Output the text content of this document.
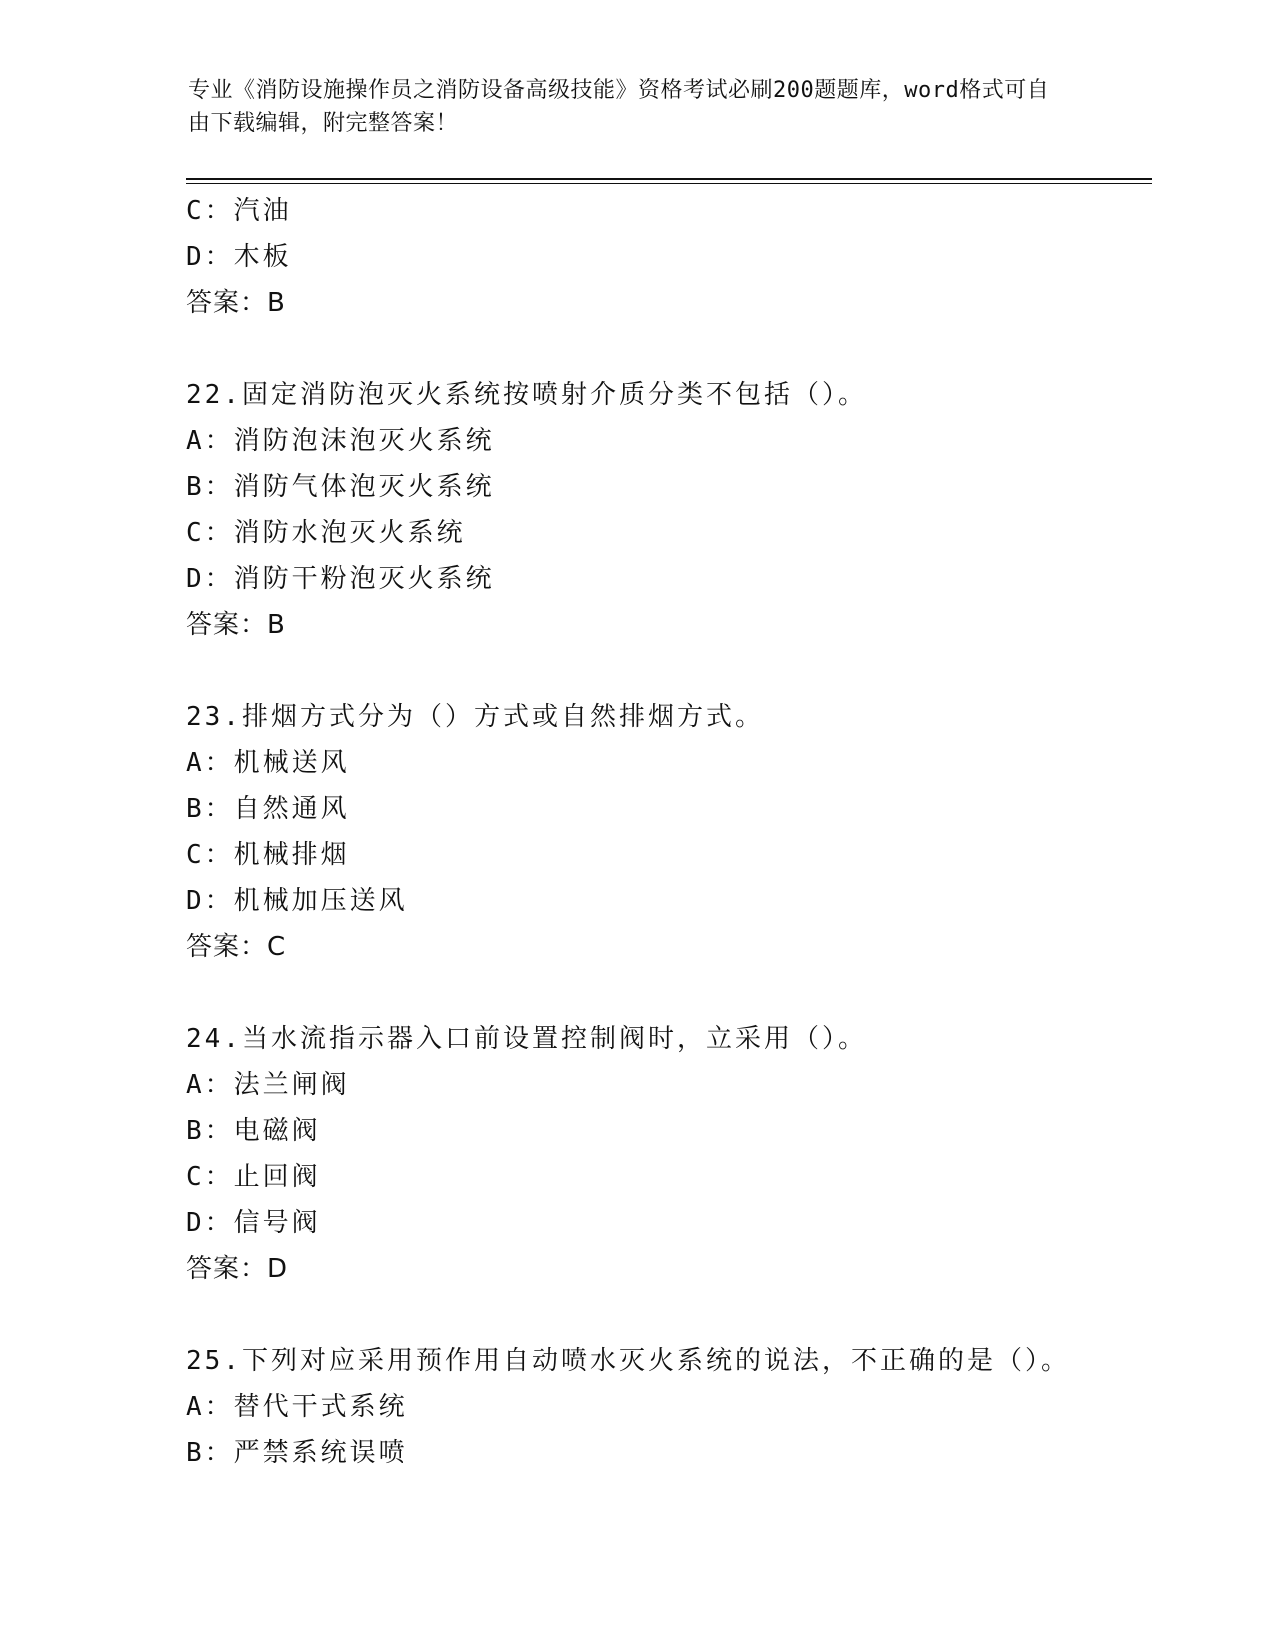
专业《消防设施操作员之消防设备高级技能》资格考试必刷200题题库，word格式可自由下载编辑，附完整答案！
C：汽油
D：木板
答案：B
22.固定消防泡灭火系统按喷射介质分类不包括（）。
A：消防泡沫泡灭火系统
B：消防气体泡灭火系统
C：消防水泡灭火系统
D：消防干粉泡灭火系统
答案：B
23.排烟方式分为（）方式或自然排烟方式。
A：机械送风
B：自然通风
C：机械排烟
D：机械加压送风
答案：C
24.当水流指示器入口前设置控制阀时，立采用（）。
A：法兰闸阀
B：电磁阀
C：止回阀
D：信号阀
答案：D
25.下列对应采用预作用自动喷水灭火系统的说法，不正确的是（）。
A：替代干式系统
B：严禁系统误喷
